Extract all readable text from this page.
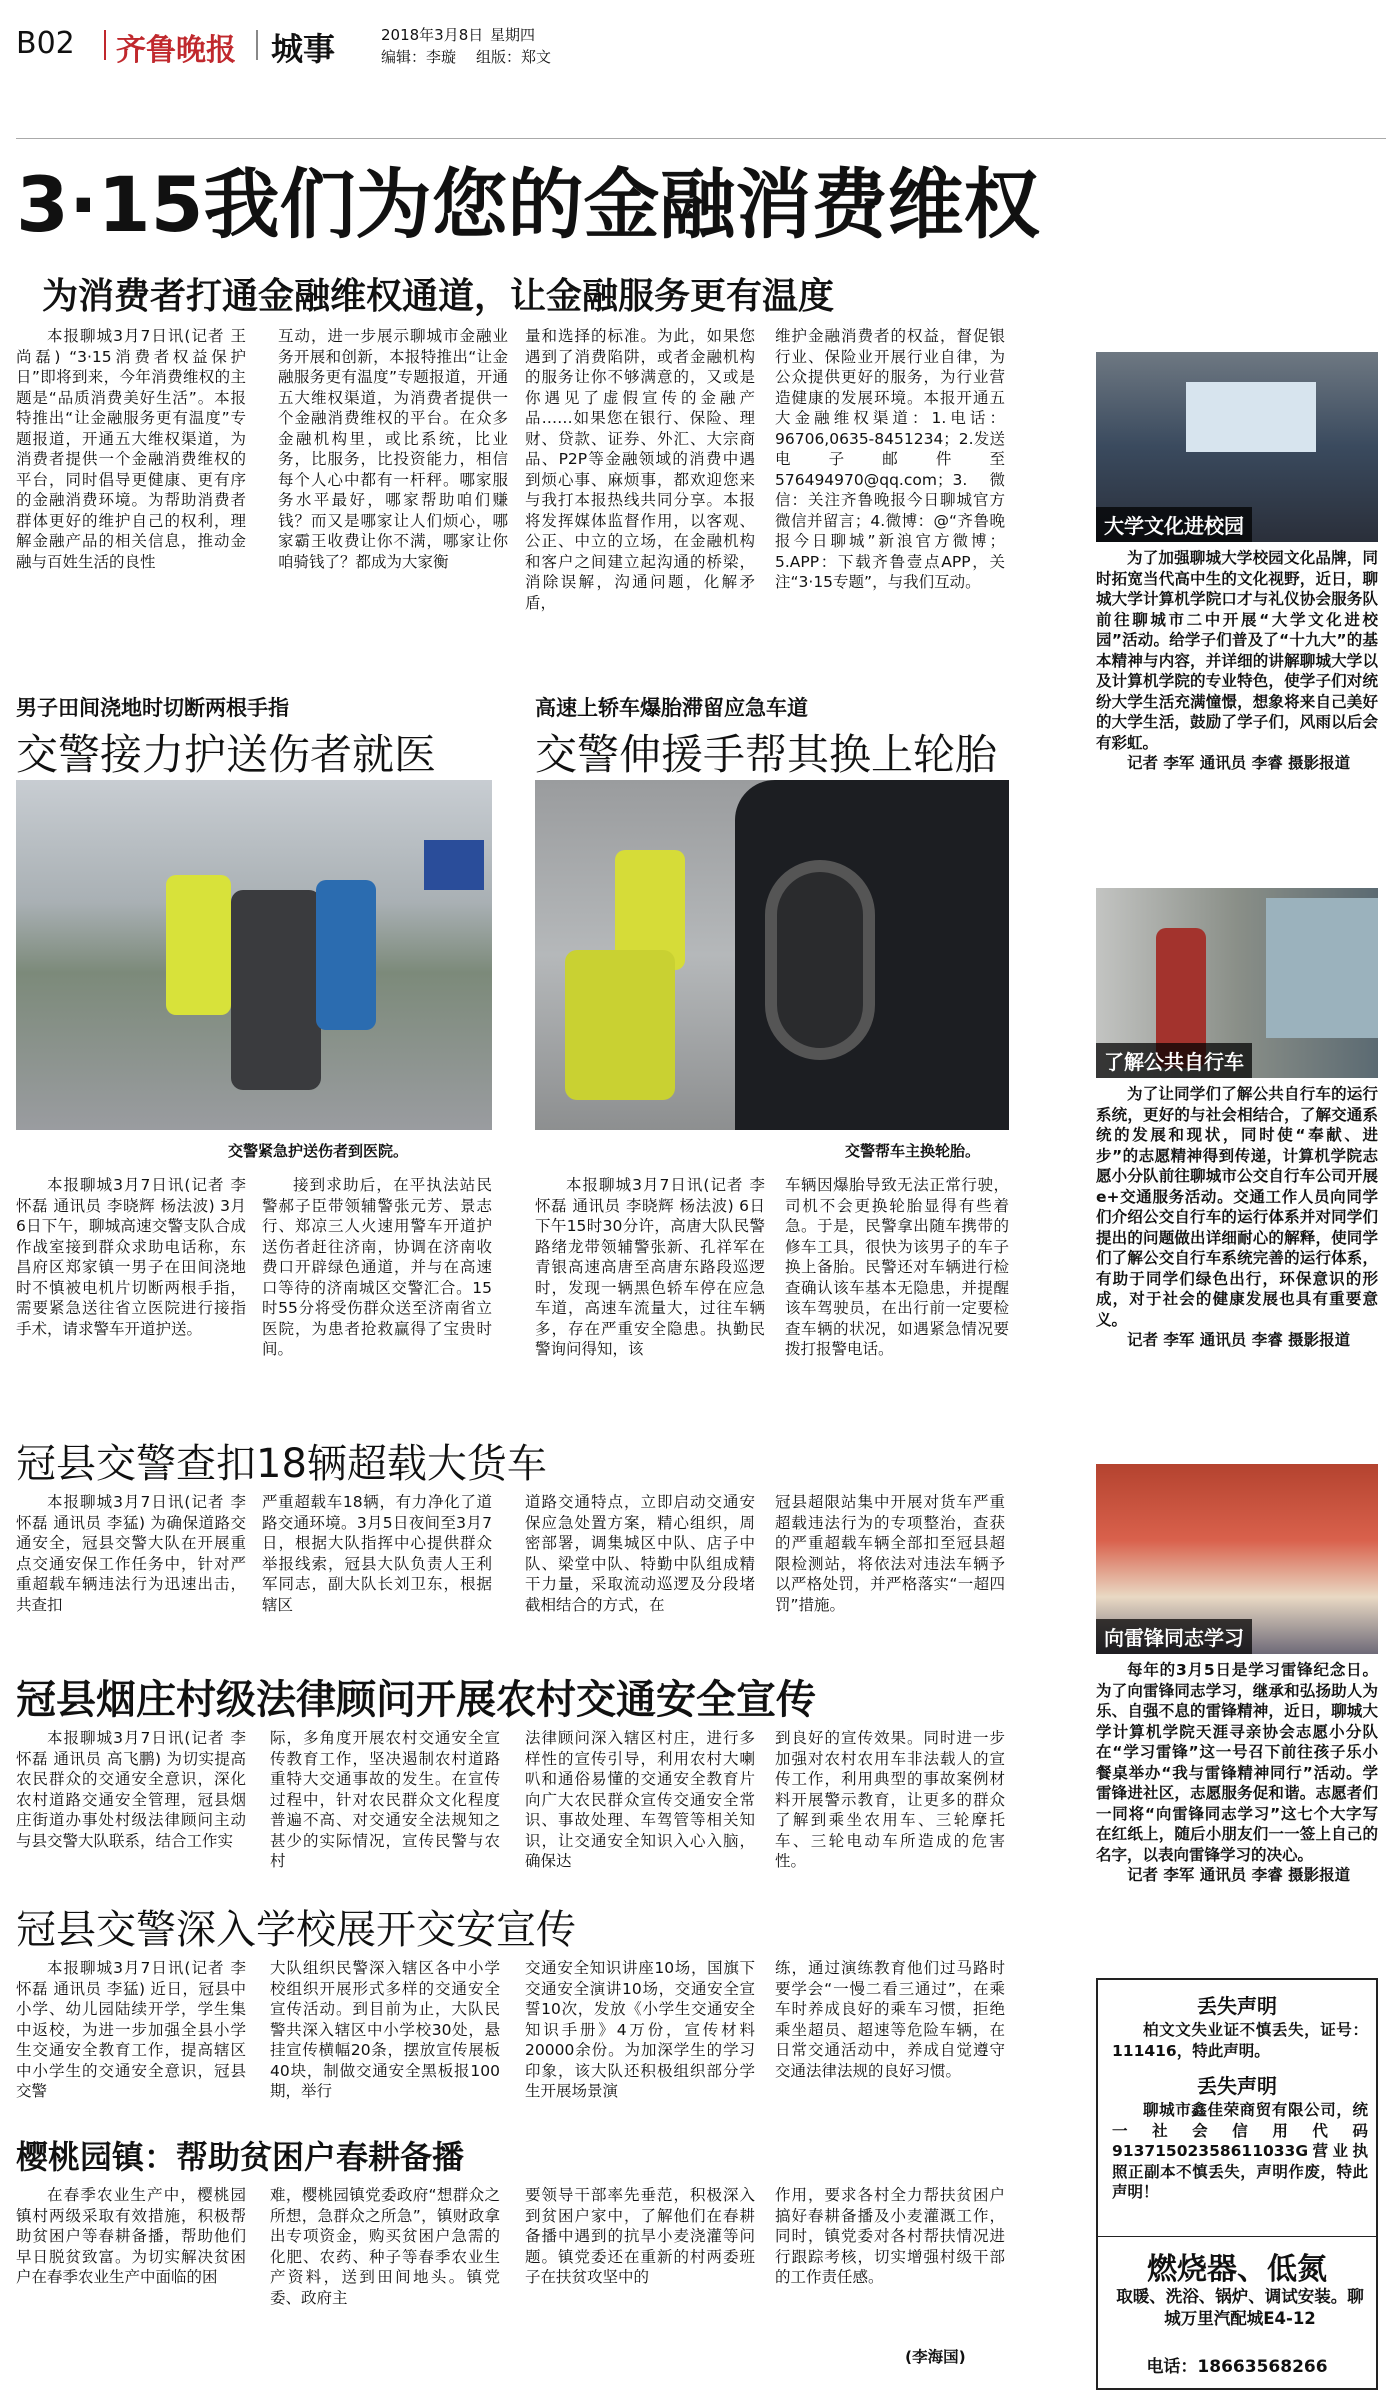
B02 齐鲁晚报 城事	2018年3月8日 星期四
编辑：李璇 组版：郑文
3·15我们为您的金融消费维权
为消费者打通金融维权通道，让金融服务更有温度
本报聊城3月7日讯(记者 王尚磊) “3·15消费者权益保护日”即将到来，今年消费维权的主题是“品质消费美好生活”。本报特推出“让金融服务更有温度”专题报道，开通五大维权渠道，为消费者提供一个金融消费维权的平台，同时倡导更健康、更有序的金融消费环境。为帮助消费者群体更好的维护自己的权利，理解金融产品的相关信息，推动金融与百姓生活的良性
互动，进一步展示聊城市金融业务开展和创新，本报特推出“让金融服务更有温度”专题报道，开通五大维权渠道，为消费者提供一个金融消费维权的平台。在众多金融机构里，或比系统，比业务，比服务，比投资能力，相信每个人心中都有一杆秤。哪家服务水平最好，哪家帮助咱们赚钱？而又是哪家让人们烦心，哪家霸王收费让你不满，哪家让你咱骑钱了？都成为大家衡
量和选择的标准。为此，如果您遇到了消费陷阱，或者金融机构的服务让你不够满意的，又或是你遇见了虚假宣传的金融产品……如果您在银行、保险、理财、贷款、证券、外汇、大宗商品、P2P等金融领域的消费中遇到烦心事、麻烦事，都欢迎您来与我打本报热线共同分享。本报将发挥媒体监督作用，以客观、公正、中立的立场，在金融机构和客户之间建立起沟通的桥梁，消除误解，沟通问题，化解矛盾，
维护金融消费者的权益，督促银行业、保险业开展行业自律，为公众提供更好的服务，为行业营造健康的发展环境。本报开通五大金融维权渠道：1.电话：96706,0635-8451234；2.发送电子邮件至576494970@qq.com；3.微信：关注齐鲁晚报今日聊城官方微信并留言；4.微博：@“齐鲁晚报今日聊城”新浪官方微博；5.APP：下载齐鲁壹点APP，关注“3·15专题”，与我们互动。
男子田间浇地时切断两根手指
交警接力护送伤者就医
交警紧急护送伤者到医院。
本报聊城3月7日讯(记者 李怀磊 通讯员 李晓辉 杨法波) 3月6日下午，聊城高速交警支队合成作战室接到群众求助电话称，东昌府区郑家镇一男子在田间浇地时不慎被电机片切断两根手指，需要紧急送往省立医院进行接指手术，请求警车开道护送。
接到求助后，在平执法站民警郝子臣带领辅警张元芳、景志行、郑凉三人火速用警车开道护送伤者赶往济南，协调在济南收费口开辟绿色通道，并与在高速口等待的济南城区交警汇合。15时55分将受伤群众送至济南省立医院，为患者抢救赢得了宝贵时间。
高速上轿车爆胎滞留应急车道
交警伸援手帮其换上轮胎
交警帮车主换轮胎。
本报聊城3月7日讯(记者 李怀磊 通讯员 李晓辉 杨法波) 6日下午15时30分许，高唐大队民警路绪龙带领辅警张新、孔祥军在青银高速高唐至高唐东路段巡逻时，发现一辆黑色轿车停在应急车道，高速车流量大，过往车辆多，存在严重安全隐患。执勤民警询问得知，该
车辆因爆胎导致无法正常行驶，司机不会更换轮胎显得有些着急。于是，民警拿出随车携带的修车工具，很快为该男子的车子换上备胎。民警还对车辆进行检查确认该车基本无隐患，并提醒该车驾驶员，在出行前一定要检查车辆的状况，如遇紧急情况要拨打报警电话。
冠县交警查扣18辆超载大货车
本报聊城3月7日讯(记者 李怀磊 通讯员 李猛) 为确保道路交通安全，冠县交警大队在开展重点交通安保工作任务中，针对严重超载车辆违法行为迅速出击，共查扣
严重超载车18辆，有力净化了道路交通环境。3月5日夜间至3月7日，根据大队指挥中心提供群众举报线索，冠县大队负责人王利军同志，副大队长刘卫东，根据辖区
道路交通特点，立即启动交通安保应急处置方案，精心组织，周密部署，调集城区中队、店子中队、梁堂中队、特勤中队组成精干力量，采取流动巡逻及分段堵截相结合的方式，在
冠县超限站集中开展对货车严重超载违法行为的专项整治，查获的严重超载车辆全部扣至冠县超限检测站，将依法对违法车辆予以严格处罚，并严格落实“一超四罚”措施。
冠县烟庄村级法律顾问开展农村交通安全宣传
本报聊城3月7日讯(记者 李怀磊 通讯员 高飞鹏) 为切实提高农民群众的交通安全意识，深化农村道路交通安全管理，冠县烟庄街道办事处村级法律顾问主动与县交警大队联系，结合工作实
际，多角度开展农村交通安全宣传教育工作，坚决遏制农村道路重特大交通事故的发生。在宣传过程中，针对农民群众文化程度普遍不高、对交通安全法规知之甚少的实际情况，宣传民警与农村
法律顾问深入辖区村庄，进行多样性的宣传引导，利用农村大喇叭和通俗易懂的交通安全教育片向广大农民群众宣传交通安全常识、事故处理、车驾管等相关知识，让交通安全知识入心入脑，确保达
到良好的宣传效果。同时进一步加强对农村农用车非法载人的宣传工作，利用典型的事故案例材料开展警示教育，让更多的群众了解到乘坐农用车、三轮摩托车、三轮电动车所造成的危害性。
冠县交警深入学校展开交安宣传
本报聊城3月7日讯(记者 李怀磊 通讯员 李猛) 近日，冠县中小学、幼儿园陆续开学，学生集中返校，为进一步加强全县小学生交通安全教育工作，提高辖区中小学生的交通安全意识，冠县交警
大队组织民警深入辖区各中小学校组织开展形式多样的交通安全宣传活动。到目前为止，大队民警共深入辖区中小学校30处，悬挂宣传横幅20条，摆放宣传展板40块，制做交通安全黑板报100期，举行
交通安全知识讲座10场，国旗下交通安全演讲10场，交通安全宣誓10次，发放《小学生交通安全知识手册》4万份，宣传材料20000余份。为加深学生的学习印象，该大队还积极组织部分学生开展场景演
练，通过演练教育他们过马路时要学会“一慢二看三通过”，在乘车时养成良好的乘车习惯，拒绝乘坐超员、超速等危险车辆，在日常交通活动中，养成自觉遵守交通法律法规的良好习惯。
樱桃园镇：帮助贫困户春耕备播
在春季农业生产中，樱桃园镇村两级采取有效措施，积极帮助贫困户等春耕备播，帮助他们早日脱贫致富。为切实解决贫困户在春季农业生产中面临的困
难，樱桃园镇党委政府“想群众之所想，急群众之所急”，镇财政拿出专项资金，购买贫困户急需的化肥、农药、种子等春季农业生产资料，送到田间地头。镇党委、政府主
要领导干部率先垂范，积极深入到贫困户家中，了解他们在春耕备播中遇到的抗旱小麦浇灌等问题。镇党委还在重新的村两委班子在扶贫攻坚中的
作用，要求各村全力帮扶贫困户搞好春耕备播及小麦灌溉工作，同时，镇党委对各村帮扶情况进行跟踪考核，切实增强村级干部的工作责任感。
(李海国)
大学文化进校园
为了加强聊城大学校园文化品牌，同时拓宽当代高中生的文化视野，近日，聊城大学计算机学院口才与礼仪协会服务队前往聊城市二中开展“大学文化进校园”活动。给学子们普及了“十九大”的基本精神与内容，并详细的讲解聊城大学以及计算机学院的专业特色，使学子们对统纷大学生活充满憧憬，想象将来自己美好的大学生活，鼓励了学子们，风雨以后会有彩虹。
记者 李军 通讯员 李睿 摄影报道
了解公共自行车
为了让同学们了解公共自行车的运行系统，更好的与社会相结合，了解交通系统的发展和现状，同时使“奉献、进步”的志愿精神得到传递，计算机学院志愿小分队前往聊城市公交自行车公司开展e+交通服务活动。交通工作人员向同学们介绍公交自行车的运行体系并对同学们提出的问题做出详细耐心的解释，使同学们了解公交自行车系统完善的运行体系，有助于同学们绿色出行，环保意识的形成，对于社会的健康发展也具有重要意义。
记者 李军 通讯员 李睿 摄影报道
向雷锋同志学习
每年的3月5日是学习雷锋纪念日。为了向雷锋同志学习，继承和弘扬助人为乐、自强不息的雷锋精神，近日，聊城大学计算机学院天涯寻亲协会志愿小分队在“学习雷锋”这一号召下前往孩子乐小餐桌举办“我与雷锋精神同行”活动。学雷锋进社区，志愿服务促和谐。志愿者们一同将“向雷锋同志学习”这七个大字写在红纸上，随后小朋友们一一签上自己的名字，以表向雷锋学习的决心。
记者 李军 通讯员 李睿 摄影报道
丢失声明
柏文文失业证不慎丢失，证号：111416，特此声明。
丢失声明
聊城市鑫佳荣商贸有限公司，统一社会信用代码91371502358611033G营业执照正副本不慎丢失，声明作废，特此声明！
燃烧器、低氮
取暖、洗浴、锅炉、调试安装。聊城万里汽配城E4-12
电话：18663568266
